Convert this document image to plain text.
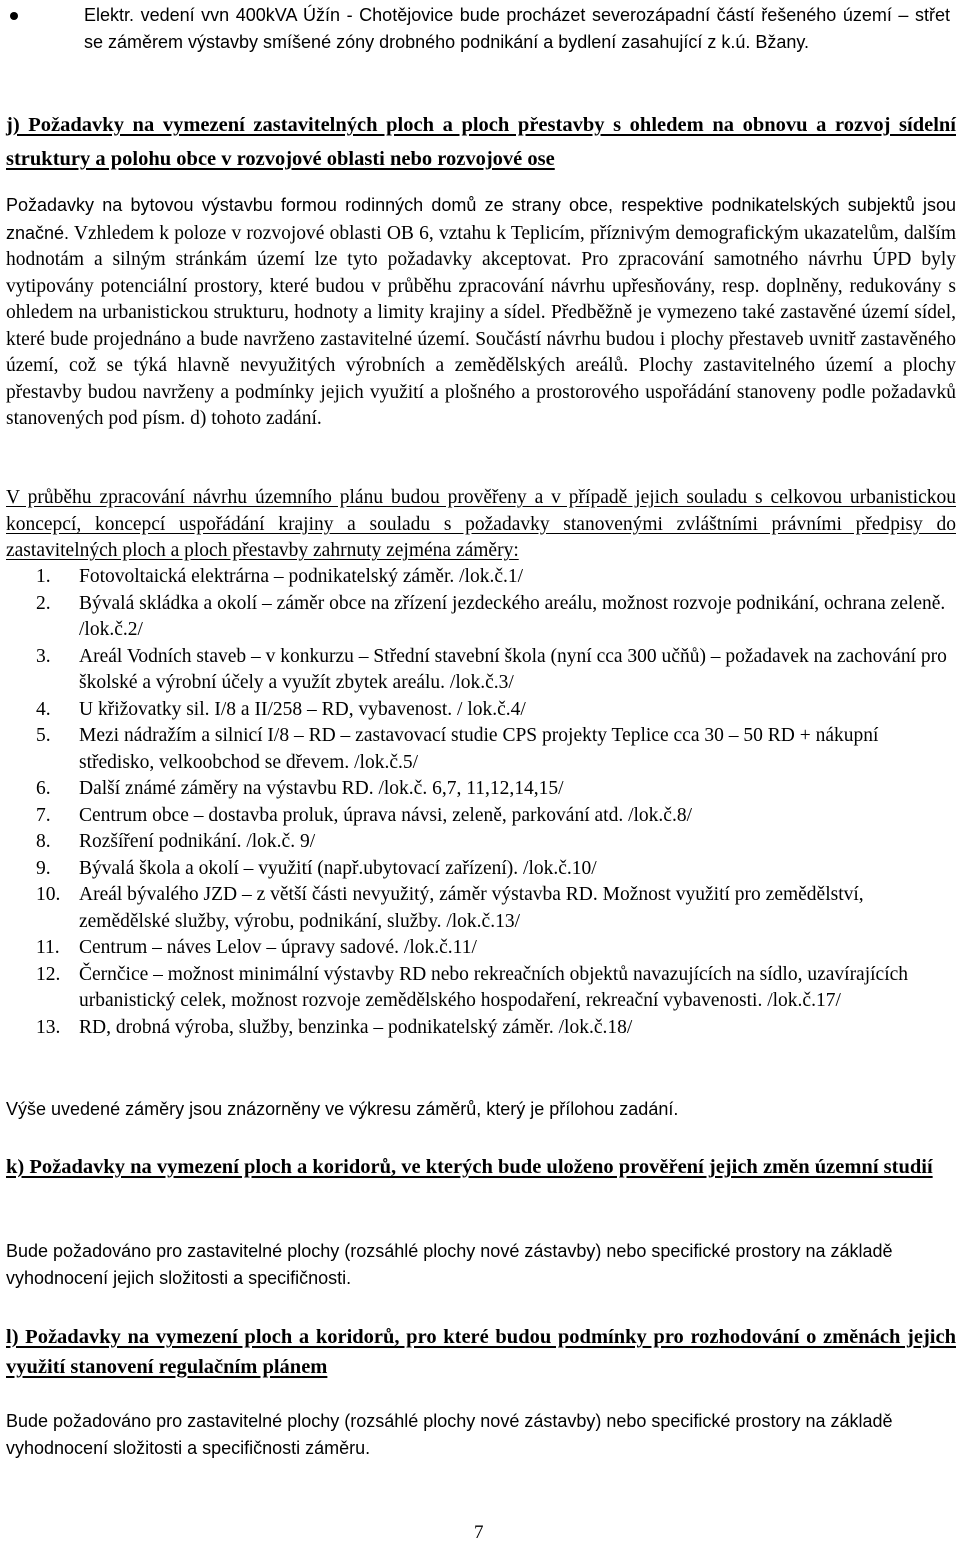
Elektr. vedení vvn 400kVA Úžín - Chotějovice bude procházet severozápadní částí řešeného území – střet se záměrem výstavby smíšené zóny drobného podnikání a bydlení zasahující z k.ú. Bžany.
j) Požadavky na vymezení zastavitelných ploch a ploch přestavby s ohledem na obnovu a rozvoj sídelní struktury a polohu obce v rozvojové oblasti nebo rozvojové ose
Požadavky na bytovou výstavbu formou rodinných domů ze strany obce, respektive podnikatelských subjektů jsou značné. Vzhledem k poloze v rozvojové oblasti OB 6, vztahu k Teplicím, příznivým demografickým ukazatelům, dalším hodnotám a silným stránkám území lze tyto požadavky akceptovat. Pro zpracování samotného návrhu ÚPD byly vytipovány potenciální prostory, které budou v průběhu zpracování návrhu upřesňovány, resp. doplněny, redukovány s ohledem na urbanistickou strukturu, hodnoty a limity krajiny a sídel. Předběžně je vymezeno také zastavěné území sídel, které bude projednáno a bude navrženo zastavitelné území. Součástí návrhu budou i plochy přestaveb uvnitř zastavěného území, což se týká hlavně nevyužitých výrobních a zemědělských areálů. Plochy zastavitelného území a plochy přestavby budou navrženy a podmínky jejich využití a plošného a prostorového uspořádání stanoveny podle požadavků stanovených pod písm. d) tohoto zadání.
V průběhu zpracování návrhu územního plánu budou prověřeny a v případě jejich souladu s celkovou urbanistickou koncepcí, koncepcí uspořádání krajiny a souladu s požadavky stanovenými zvláštními právními předpisy do zastavitelných ploch a ploch přestavby zahrnuty zejména záměry:
1. Fotovoltaická elektrárna – podnikatelský záměr. /lok.č.1/
2. Bývalá skládka a okolí – záměr obce na zřízení jezdeckého areálu, možnost rozvoje podnikání, ochrana zeleně. /lok.č.2/
3. Areál Vodních staveb – v konkurzu – Střední stavební škola (nyní cca 300 učňů) – požadavek na zachování pro školské a výrobní účely a využít zbytek areálu. /lok.č.3/
4. U křižovatky sil. I/8 a II/258 – RD, vybavenost. / lok.č.4/
5. Mezi nádražím a silnicí I/8 – RD – zastavovací studie CPS projekty Teplice cca 30 – 50 RD + nákupní středisko, velkoobchod se dřevem. /lok.č.5/
6. Další známé záměry na výstavbu RD. /lok.č. 6,7, 11,12,14,15/
7. Centrum obce – dostavba proluk, úprava návsi, zeleně, parkování atd. /lok.č.8/
8. Rozšíření podnikání. /lok.č. 9/
9. Bývalá škola a okolí – využití (např.ubytovací zařízení). /lok.č.10/
10. Areál bývalého JZD – z větší části nevyužitý, záměr výstavba RD. Možnost využití pro zemědělství, zemědělské služby, výrobu, podnikání, služby. /lok.č.13/
11. Centrum – náves Lelov – úpravy sadové. /lok.č.11/
12. Černčice – možnost minimální výstavby RD nebo rekreačních objektů navazujících na sídlo, uzavírajících urbanistický celek, možnost rozvoje zemědělského hospodaření, rekreační vybavenosti. /lok.č.17/
13. RD, drobná výroba, služby, benzinka – podnikatelský záměr. /lok.č.18/
Výše uvedené záměry jsou znázorněny ve výkresu záměrů, který je přílohou zadání.
k) Požadavky na vymezení ploch a koridorů, ve kterých bude uloženo prověření jejich změn územní studií
Bude požadováno pro zastavitelné plochy (rozsáhlé plochy nové zástavby) nebo specifické prostory na základě vyhodnocení jejich složitosti a specifičnosti.
l) Požadavky na vymezení ploch a koridorů, pro které budou podmínky pro rozhodování o změnách jejich využití stanovení regulačním plánem
Bude požadováno pro zastavitelné plochy (rozsáhlé plochy nové zástavby) nebo specifické prostory na základě vyhodnocení složitosti a specifičnosti záměru.
7
